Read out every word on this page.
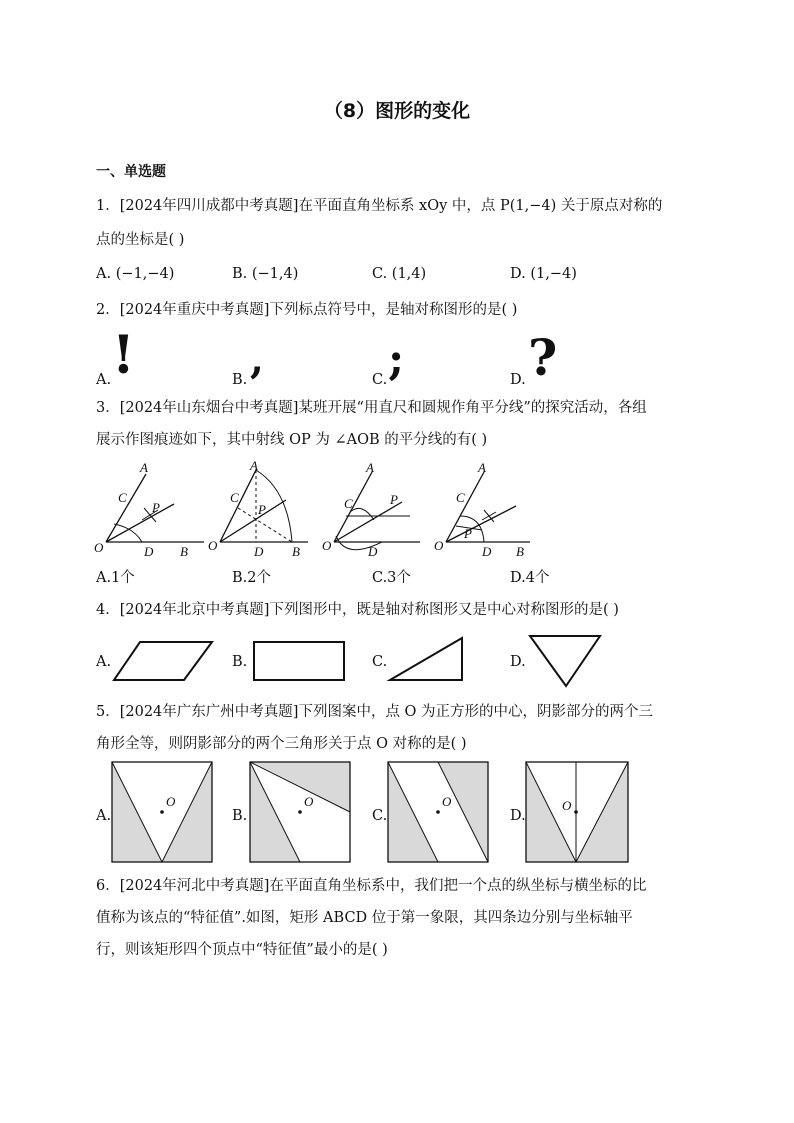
（8）图形的变化
一、单选题
1．[2024年四川成都中考真题]在平面直角坐标系 xOy 中，点 P(1,−4) 关于原点对称的
点的坐标是( )
A. (−1,−4)	B. (−1,4)	C. (1,4)	D. (1,−4)
2．[2024年重庆中考真题]下列标点符号中，是轴对称图形的是( )
A. !	B. ,	C. ;	D. ?
3．[2024年山东烟台中考真题]某班开展“用直尺和圆规作角平分线”的探究活动，各组
展示作图痕迹如下，其中射线 OP 为 ∠AOB 的平分线的有( )
A
C
P
O	D B
A
C
P
O	D B
A
C	P
O	D
A
C
P
O	D B
A.1个	B.2个	C.3个	D.4个
4．[2024年北京中考真题]下列图形中，既是轴对称图形又是中心对称图形的是( )
A.	B.	C.	D.
5．[2024年广东广州中考真题]下列图案中，点 O 为正方形的中心，阴影部分的两个三
角形全等，则阴影部分的两个三角形关于点 O 对称的是( )
A.
O
B.
O
C.
O
D.
O
6．[2024年河北中考真题]在平面直角坐标系中，我们把一个点的纵坐标与横坐标的比
值称为该点的“特征值”.如图，矩形 ABCD 位于第一象限，其四条边分别与坐标轴平
行，则该矩形四个顶点中“特征值”最小的是( )
